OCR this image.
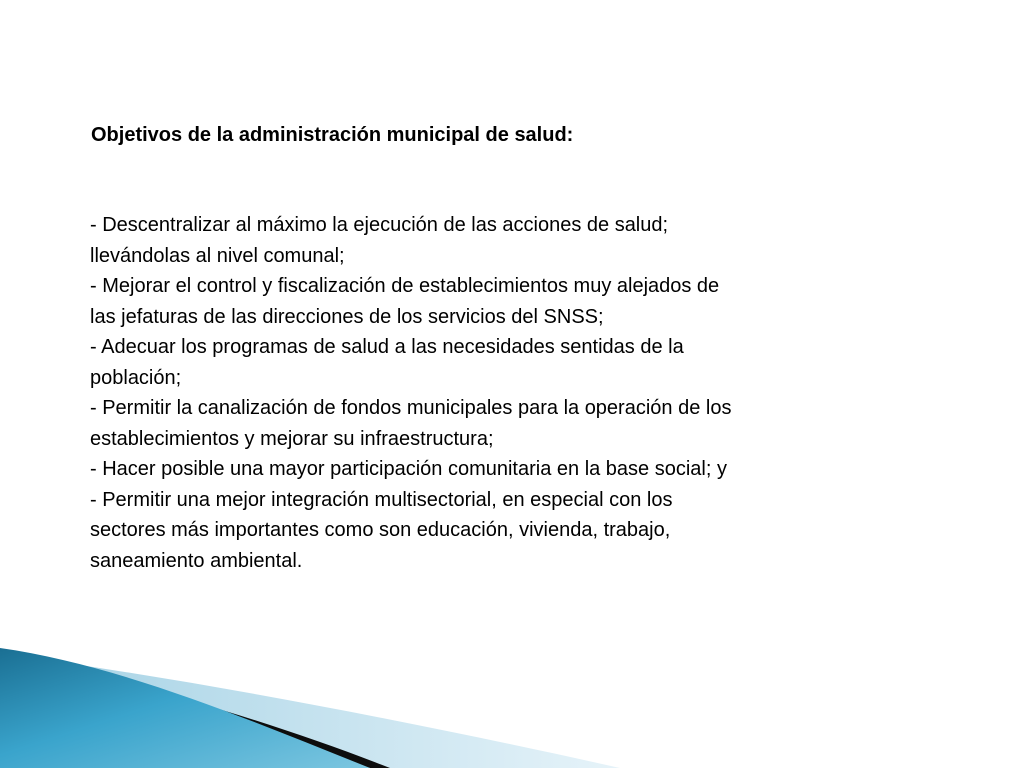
Objetivos de la administración municipal de salud:
- Descentralizar al máximo la ejecución de las acciones de salud;
llevándolas al nivel comunal;
- Mejorar el control y fiscalización de establecimientos muy alejados de
las jefaturas de las direcciones de los servicios del SNSS;
- Adecuar los programas de salud a las necesidades sentidas de la
población;
- Permitir la canalización de fondos municipales para la operación de los
establecimientos y mejorar su infraestructura;
- Hacer posible una mayor participación comunitaria en la base social; y
- Permitir una mejor integración multisectorial, en especial con los
sectores más importantes como son educación, vivienda, trabajo,
saneamiento ambiental.
